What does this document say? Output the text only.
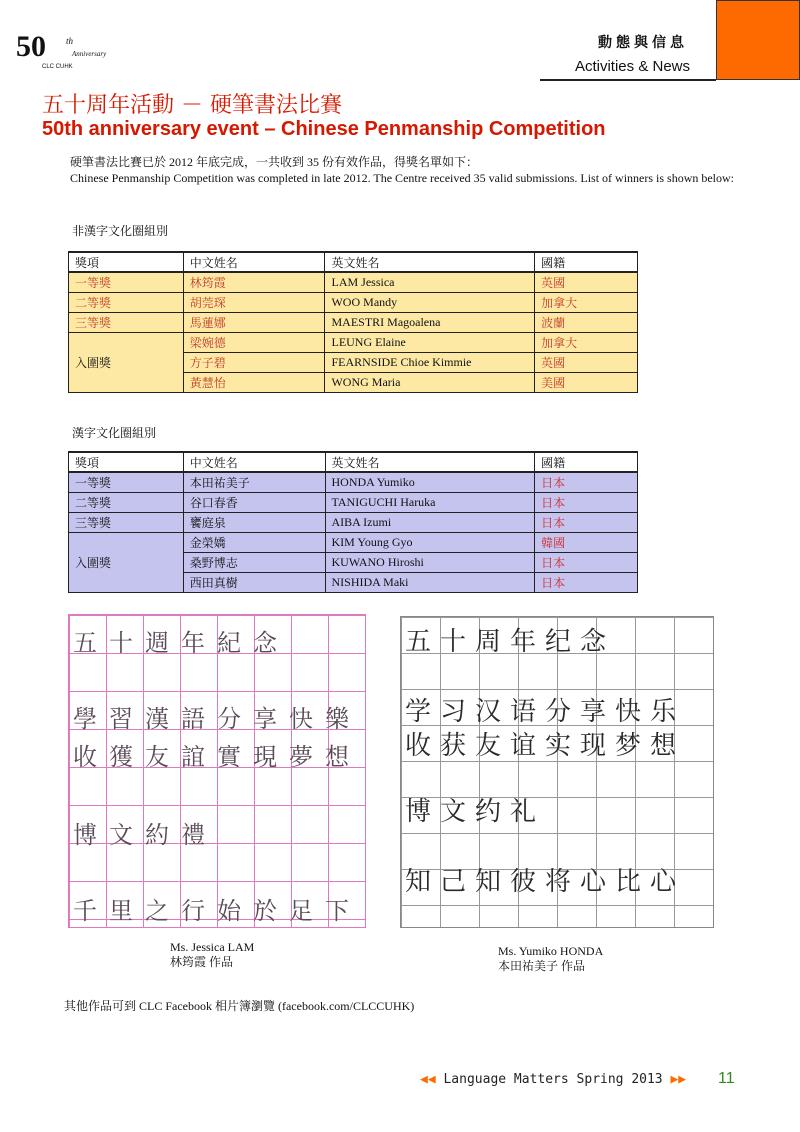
50 th
Anniversary
CLC CUHK
動態與信息
Activities & News
五十周年活動 － 硬筆書法比賽
50th anniversary event – Chinese Penmanship Competition

硬筆書法比賽已於 2012 年底完成，一共收到 35 份有效作品，得獎名單如下：

Chinese Penmanship Competition was completed in late 2012. The Centre received 35 valid submissions. List of winners is shown below:

非漢字文化圈組別
獎項	中文姓名	英文姓名	國籍
一等獎	林筠霞	LAM Jessica	英國
二等獎	胡莞琛	WOO Mandy	加拿大
三等獎	馬蓮娜	MAESTRI Magoalena	波蘭
入圍獎	梁婉德	LEUNG Elaine	加拿大
	方子碧	FEARNSIDE Chioe Kimmie	英國
	黃慧怡	WONG Maria	美國
漢字文化圈組別
獎項	中文姓名	英文姓名	國籍
一等獎	本田祐美子	HONDA Yumiko	日本
二等獎	谷口春香	TANIGUCHI Haruka	日本
三等獎	饔庭泉	AIBA Izumi	日本
入圍獎	金榮嬌	KIM Young Gyo	韓國
	桑野博志	KUWANO Hiroshi	日本
	西田真樹	NISHIDA Maki	日本
五十週年紀念
學習漢語分享快樂
收獲友誼實現夢想
博文約禮
千里之行始於足下
五十周年纪念
学习汉语分享快乐
收获友谊实现梦想
博文约礼
知己知彼将心比心
Ms. Jessica LAM
林筠霞 作品
Ms. Yumiko HONDA
本田祐美子 作品
其他作品可到 CLC Facebook 相片簿瀏覽 (facebook.com/CLCCUHK)
◀◀ Language Matters Spring 2013 ▶▶ 11
